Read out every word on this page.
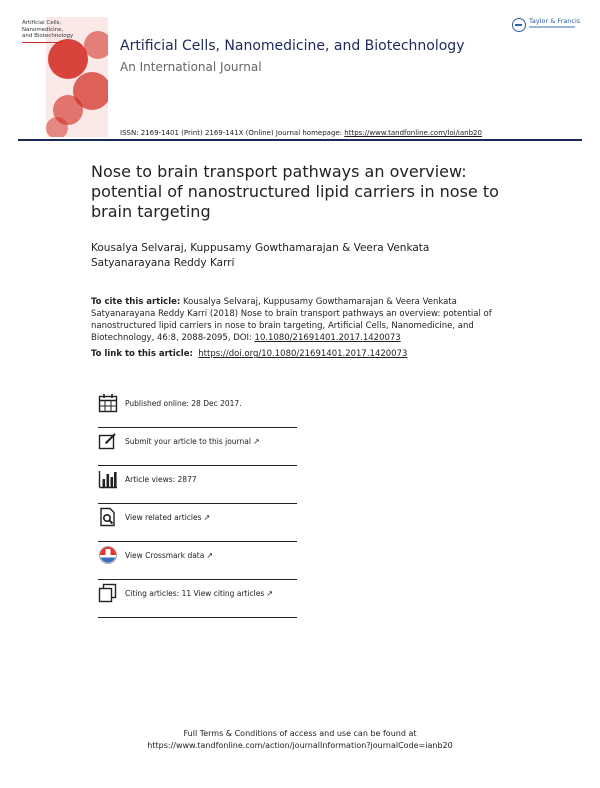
Artificial Cells,
Nanomedicine,
and Biotechnology
Artificial Cells, Nanomedicine, and Biotechnology
An International Journal
Taylor & Francis
ISSN: 2169-1401 (Print) 2169-141X (Online) Journal homepage: https://www.tandfonline.com/loi/ianb20
Nose to brain transport pathways an overview: potential of nanostructured lipid carriers in nose to brain targeting
Kousalya Selvaraj, Kuppusamy Gowthamarajan & Veera Venkata Satyanarayana Reddy Karri
To cite this article: Kousalya Selvaraj, Kuppusamy Gowthamarajan & Veera Venkata Satyanarayana Reddy Karri (2018) Nose to brain transport pathways an overview: potential of nanostructured lipid carriers in nose to brain targeting, Artificial Cells, Nanomedicine, and Biotechnology, 46:8, 2088-2095, DOI: 10.1080/21691401.2017.1420073
To link to this article: https://doi.org/10.1080/21691401.2017.1420073
Published online: 28 Dec 2017.
Submit your article to this journal ↗
Article views: 2877
View related articles ↗
View Crossmark data ↗
Citing articles: 11 View citing articles ↗
Full Terms & Conditions of access and use can be found at
https://www.tandfonline.com/action/journalInformation?journalCode=ianb20
